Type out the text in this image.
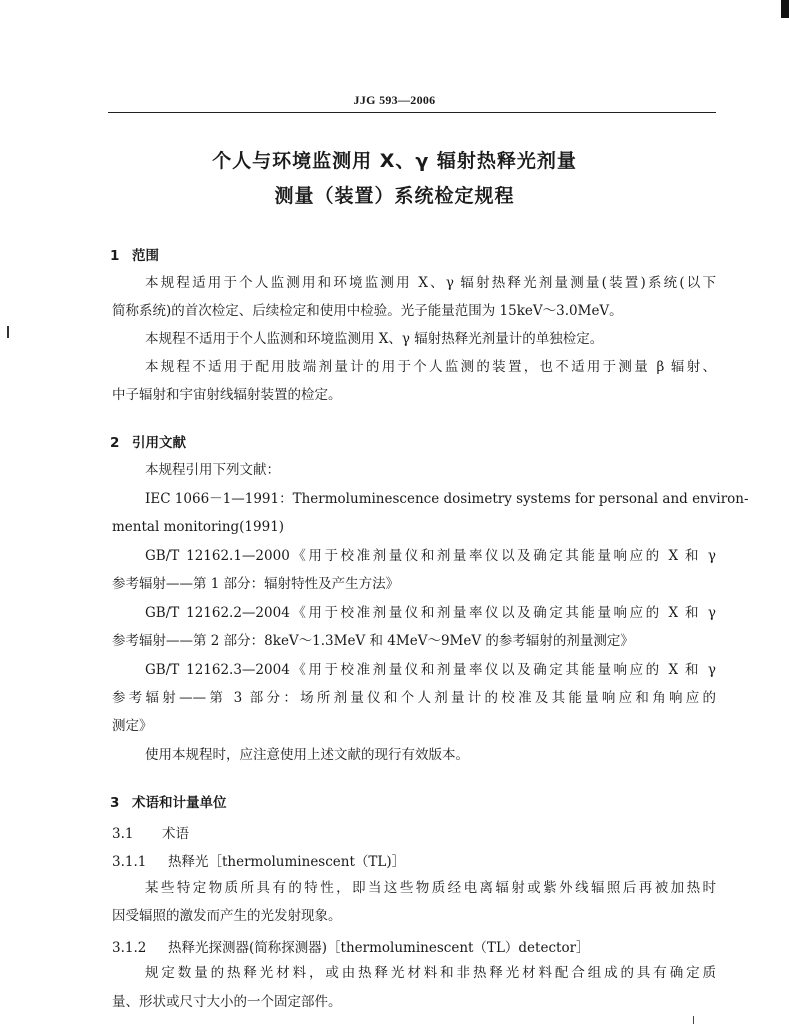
JJG 593—2006
个人与环境监测用 X、γ 辐射热释光剂量
测量（装置）系统检定规程
1 范围
本规程适用于个人监测用和环境监测用 X、γ 辐射热释光剂量测量(装置)系统(以下
简称系统)的首次检定、后续检定和使用中检验。光子能量范围为 15keV～3.0MeV。
本规程不适用于个人监测和环境监测用 X、γ 辐射热释光剂量计的单独检定。
本规程不适用于配用肢端剂量计的用于个人监测的装置，也不适用于测量 β 辐射、
中子辐射和宇宙射线辐射装置的检定。
2 引用文献
本规程引用下列文献：
IEC 1066－1—1991：Thermoluminescence dosimetry systems for personal and environ-
mental monitoring(1991)
GB/T 12162.1—2000《用于校准剂量仪和剂量率仪以及确定其能量响应的 X 和 γ
参考辐射——第 1 部分：辐射特性及产生方法》
GB/T 12162.2—2004《用于校准剂量仪和剂量率仪以及确定其能量响应的 X 和 γ
参考辐射——第 2 部分：8keV～1.3MeV 和 4MeV～9MeV 的参考辐射的剂量测定》
GB/T 12162.3—2004《用于校准剂量仪和剂量率仪以及确定其能量响应的 X 和 γ
参考辐射——第 3 部分：场所剂量仪和个人剂量计的校准及其能量响应和角响应的
测定》
使用本规程时，应注意使用上述文献的现行有效版本。
3 术语和计量单位
3.1 术语
3.1.1 热释光［thermoluminescent（TL)］
某些特定物质所具有的特性，即当这些物质经电离辐射或紫外线辐照后再被加热时
因受辐照的激发而产生的光发射现象。
3.1.2 热释光探测器(简称探测器)［thermoluminescent（TL）detector］
规定数量的热释光材料，或由热释光材料和非热释光材料配合组成的具有确定质
量、形状或尺寸大小的一个固定部件。
